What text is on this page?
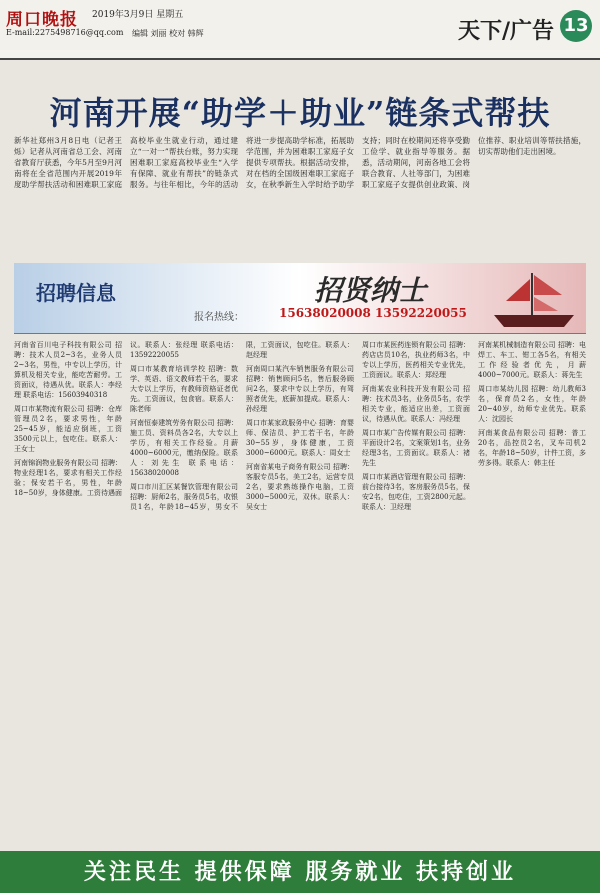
周口晚报 2019年3月9日 星期五
E-mail:2275498716@qq.com 编辑 刘丽 校对 韩辉	天下/广告 13
河南开展“助学＋助业”链条式帮扶
新华社郑州3月8日电（记者王烁）记者从河南省总工会、河南省教育厅获悉，今年5月至9月河南将在全省范围内开展2019年度助学帮扶活动和困难职工家庭高校毕业生就业行动，通过建立“一对一”帮扶台账，努力实现困难职工家庭高校毕业生“入学有保障、就业有帮扶”的链条式服务。与往年相比，今年的活动将进一步提高助学标准，拓展助学范围，并为困难职工家庭子女提供专项帮扶。根据活动安排，对在档的全国级困难职工家庭子女，在秋季新生入学时给予助学支持；同时在校期间还将享受勤工俭学、就业指导等服务。据悉，活动期间，河南各地工会将联合教育、人社等部门，为困难职工家庭子女提供创业政策、岗位推荐、职业培训等帮扶措施，切实帮助他们走出困境。
招聘信息
报名热线：	15638020008 13592220055
招贤纳士

河南省百川电子科技有限公司 招聘：技术人员2~3名，业务人员2~3名，男性，中专以上学历，计算机及相关专业，能吃苦耐劳。工资面议，待遇从优。联系人：李经理 联系电话：15603940318

周口市某物流有限公司 招聘：仓库管理员2名，要求男性，年龄25~45岁，能适应倒班，工资3500元以上，包吃住。联系人：王女士

河南锦润物业服务有限公司 招聘：物业经理1名，要求有相关工作经验；保安若干名，男性，年龄18~50岁，身体健康。工资待遇面议。联系人：张经理 联系电话：13592220055

周口市某教育培训学校 招聘：数学、英语、语文教师若干名，要求大专以上学历，有教师资格证者优先。工资面议，包食宿。联系人：陈老师

河南恒泰建筑劳务有限公司 招聘：施工员、资料员各2名，大专以上学历，有相关工作经验。月薪4000~6000元，缴纳保险。联系人：刘先生 联系电话：15638020008

周口市川汇区某餐饮管理有限公司 招聘：厨师2名，服务员5名，收银员1名，年龄18~45岁，男女不限，工资面议，包吃住。联系人：赵经理

河南周口某汽车销售服务有限公司 招聘：销售顾问5名，售后服务顾问2名，要求中专以上学历，有驾照者优先，底薪加提成。联系人：孙经理

周口市某家政服务中心 招聘：育婴师、保洁员、护工若干名，年龄30~55岁，身体健康，工资3000~6000元。联系人：周女士

河南省某电子商务有限公司 招聘：客服专员5名，美工2名，运营专员2名，要求熟练操作电脑，工资3000~5000元，双休。联系人：吴女士

周口市某医药连锁有限公司 招聘：药店店员10名，执业药师3名，中专以上学历，医药相关专业优先，工资面议。联系人：郑经理

河南某农业科技开发有限公司 招聘：技术员3名，业务员5名，农学相关专业，能适应出差，工资面议，待遇从优。联系人：冯经理

周口市某广告传媒有限公司 招聘：平面设计2名，文案策划1名，业务经理3名，工资面议。联系人：褚先生

周口市某酒店管理有限公司 招聘：前台接待3名，客房服务员5名，保安2名，包吃住，工资2800元起。联系人：卫经理

河南某机械制造有限公司 招聘：电焊工、车工、钳工各5名，有相关工作经验者优先，月薪4000~7000元。联系人：蒋先生

周口市某幼儿园 招聘：幼儿教师3名，保育员2名，女性，年龄20~40岁，幼师专业优先。联系人：沈园长

河南某食品有限公司 招聘：普工20名，品控员2名，叉车司机2名，年龄18~50岁，计件工资，多劳多得。联系人：韩主任

关注民生 提供保障 服务就业 扶持创业
